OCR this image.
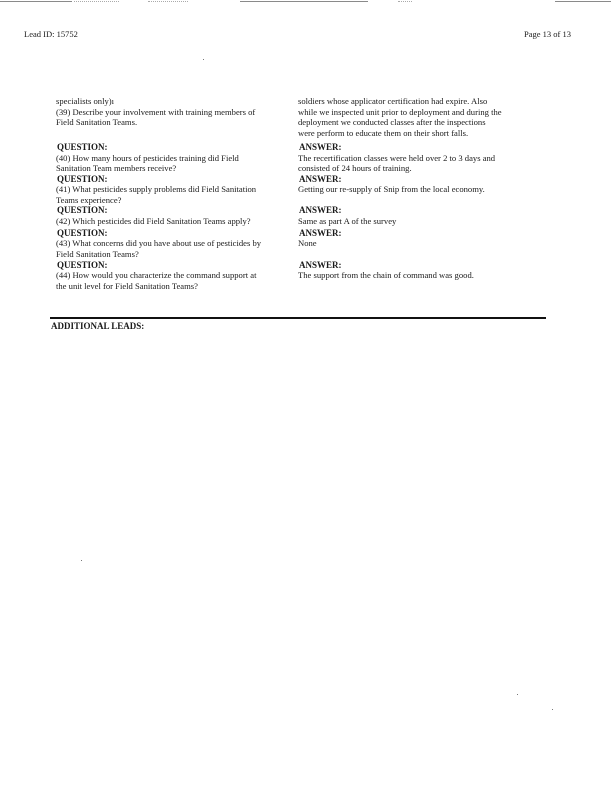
Lead ID: 15752	Page 13 of 13
specialists only)ı
(39) Describe your involvement with training members of
Field Sanitation Teams.
QUESTION:
(40) How many hours of pesticides training did Field
Sanitation Team members receive?
QUESTION:
(41) What pesticides supply problems did Field Sanitation
Teams experience?
QUESTION:
(42) Which pesticides did Field Sanitation Teams apply?
QUESTION:
(43) What concerns did you have about use of pesticides by
Field Sanitation Teams?
QUESTION:
(44) How would you characterize the command support at
the unit level for Field Sanitation Teams?
soldiers whose applicator certification had expire. Also
while we inspected unit prior to deployment and during the
deployment we conducted classes after the inspections
were perform to educate them on their short falls.
ANSWER:
The recertification classes were held over 2 to 3 days and
consisted of 24 hours of training.
ANSWER:
Getting our re-supply of Snip from the local economy.
ANSWER:
Same as part A of the survey
ANSWER:
None
ANSWER:
The support from the chain of command was good.
ADDITIONAL LEADS:
